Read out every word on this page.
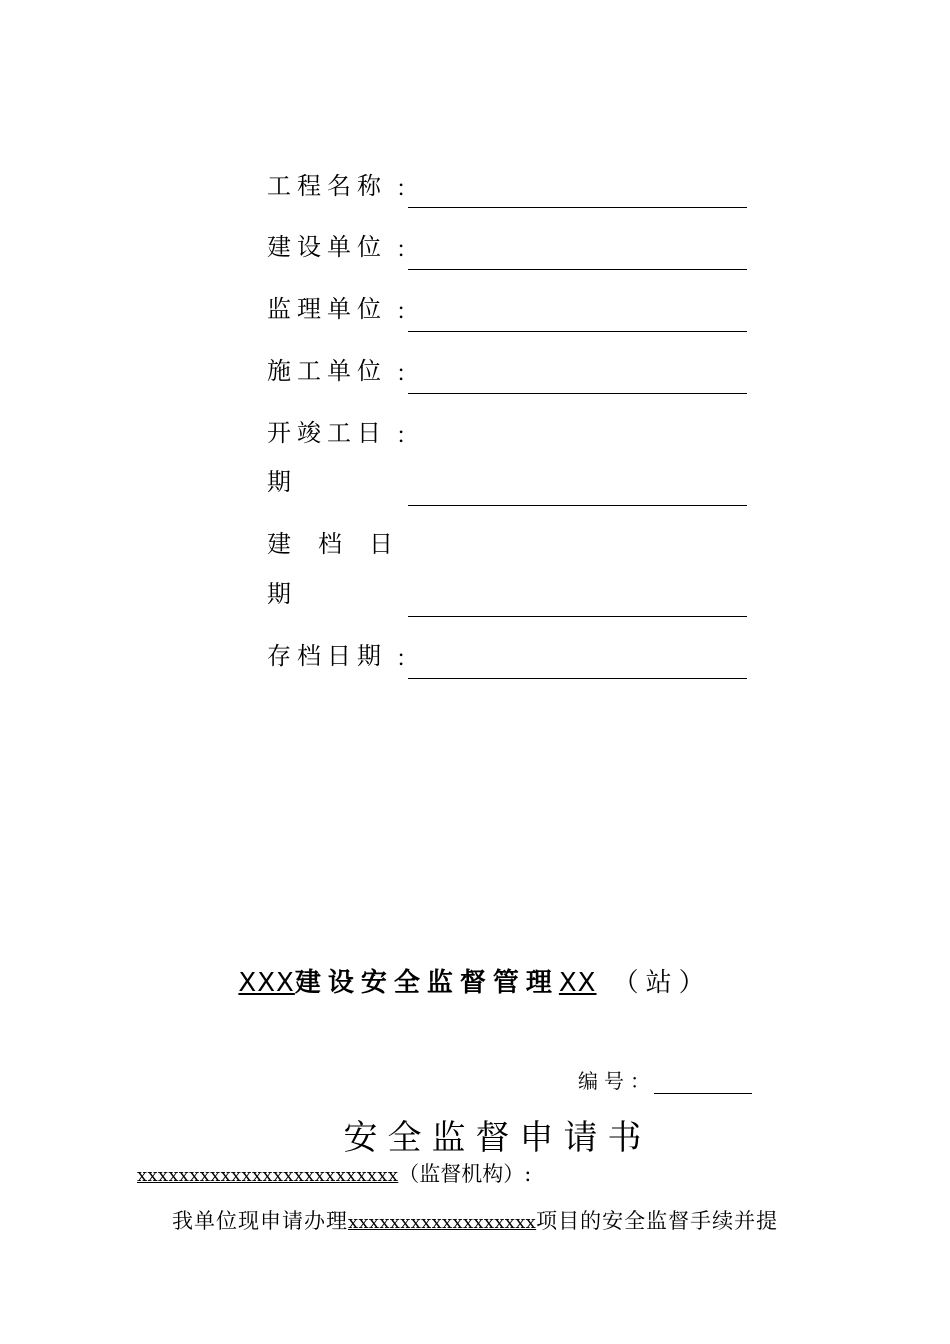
工程名称 ：
建设单位 ：
监理单位 ：
施工单位 ：
开竣工日 ：
期
建档日
期
存档日期 ：
XXX建设安全监督管理XX （站）
编号：
安全监督申请书
xxxxxxxxxxxxxxxxxxxxxxxxx（监督机构）:
我单位现申请办理xxxxxxxxxxxxxxxxxx项目的安全监督手续并提
